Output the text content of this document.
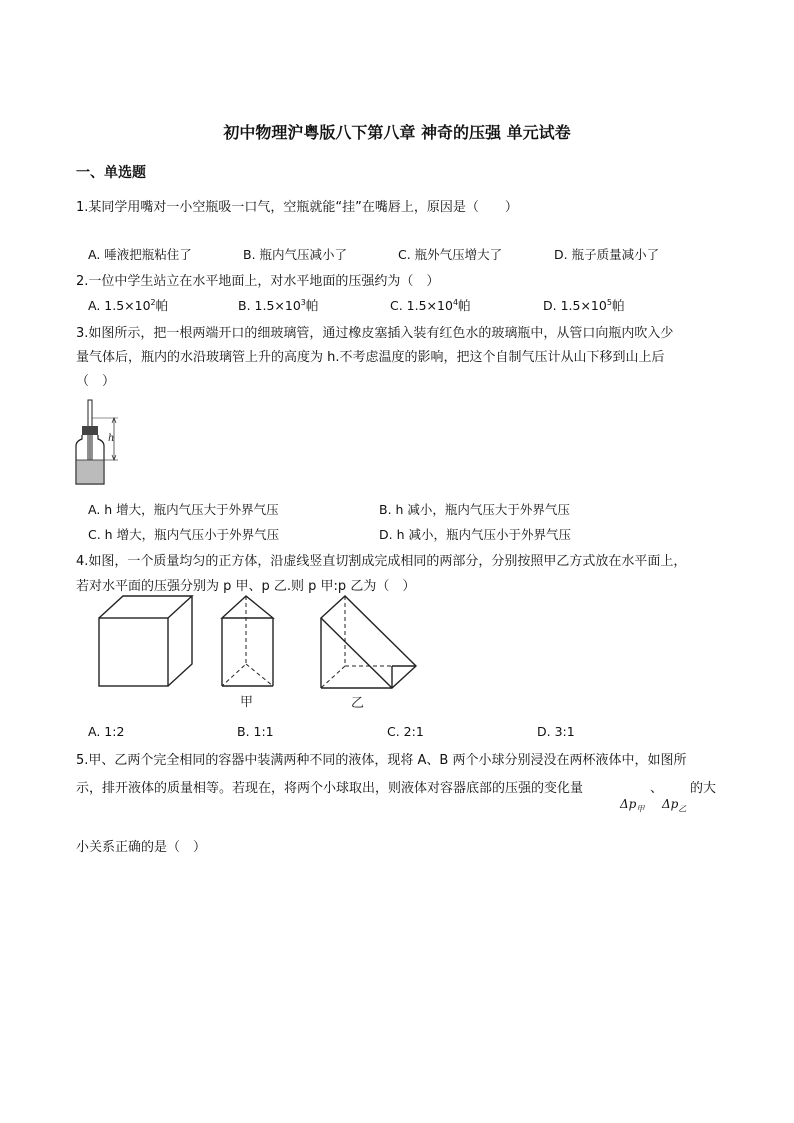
初中物理沪粤版八下第八章 神奇的压强 单元试卷
一、单选题
1.某同学用嘴对一小空瓶吸一口气，空瓶就能“挂”在嘴唇上，原因是（　　）
A. 唾液把瓶粘住了	B. 瓶内气压减小了	C. 瓶外气压增大了	D. 瓶子质量减小了
2.一位中学生站立在水平地面上，对水平地面的压强约为（　）
A. $1.5\times 10^2$帕	B. $1.5\times 10^3$帕	C. $1.5\times 10^4$帕	D. $1.5\times 10^5$帕
3.如图所示，把一根两端开口的细玻璃管，通过橡皮塞插入装有红色水的玻璃瓶中，从管口向瓶内吹入少
量气体后，瓶内的水沿玻璃管上升的高度为 h.不考虑温度的影响，把这个自制气压计从山下移到山上后
（　）
h
A. h 增大，瓶内气压大于外界气压	B. h 减小，瓶内气压大于外界气压
C. h 增大，瓶内气压小于外界气压	D. h 减小，瓶内气压小于外界气压
4.如图，一个质量均匀的正方体，沿虚线竖直切割成完成相同的两部分，分别按照甲乙方式放在水平面上，
若对水平面的压强分别为 p 甲、p 乙.则 p 甲:p 乙为（　）
甲	乙
A. 1:2	B. 1:1	C. 2:1	D. 3:1
5.甲、乙两个完全相同的容器中装满两种不同的液体，现将 A、B 两个小球分别浸没在两杯液体中，如图所
示，排开液体的质量相等。若现在，将两个小球取出，则液体对容器底部的压强的变化量	、 的大
$\Delta p_甲$ $\Delta p_乙$
小关系正确的是（　）
